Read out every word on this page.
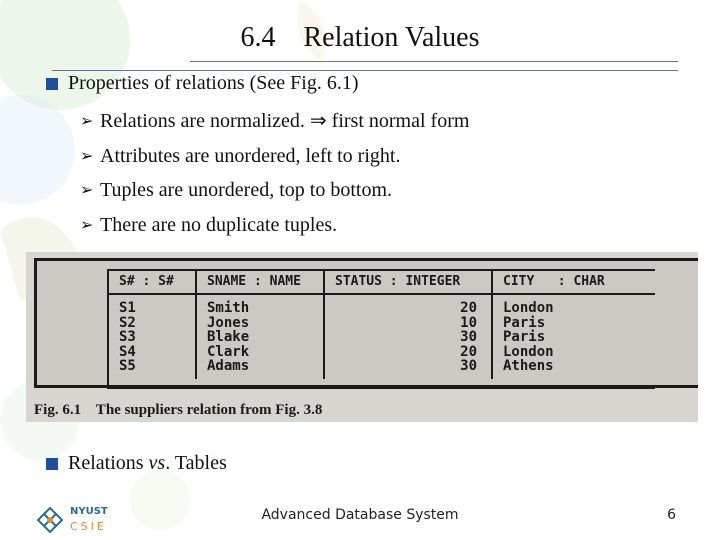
6.4    Relation Values
Properties of relations (See Fig. 6.1)
➢ Relations are normalized. ⇒ first normal form
➢ Attributes are unordered, left to right.
➢ Tuples are unordered, top to bottom.
➢ There are no duplicate tuples.
S# : S#
S1
S2
S3
S4
S5
SNAME : NAME
Smith
Jones
Blake
Clark
Adams
STATUS : INTEGER
20
10
30
20
30
CITY   : CHAR
London
Paris
Paris
London
Athens
Fig. 6.1    The suppliers relation from Fig. 3.8
Relations vs. Tables
NYUST
CSIE
Advanced Database System	6
